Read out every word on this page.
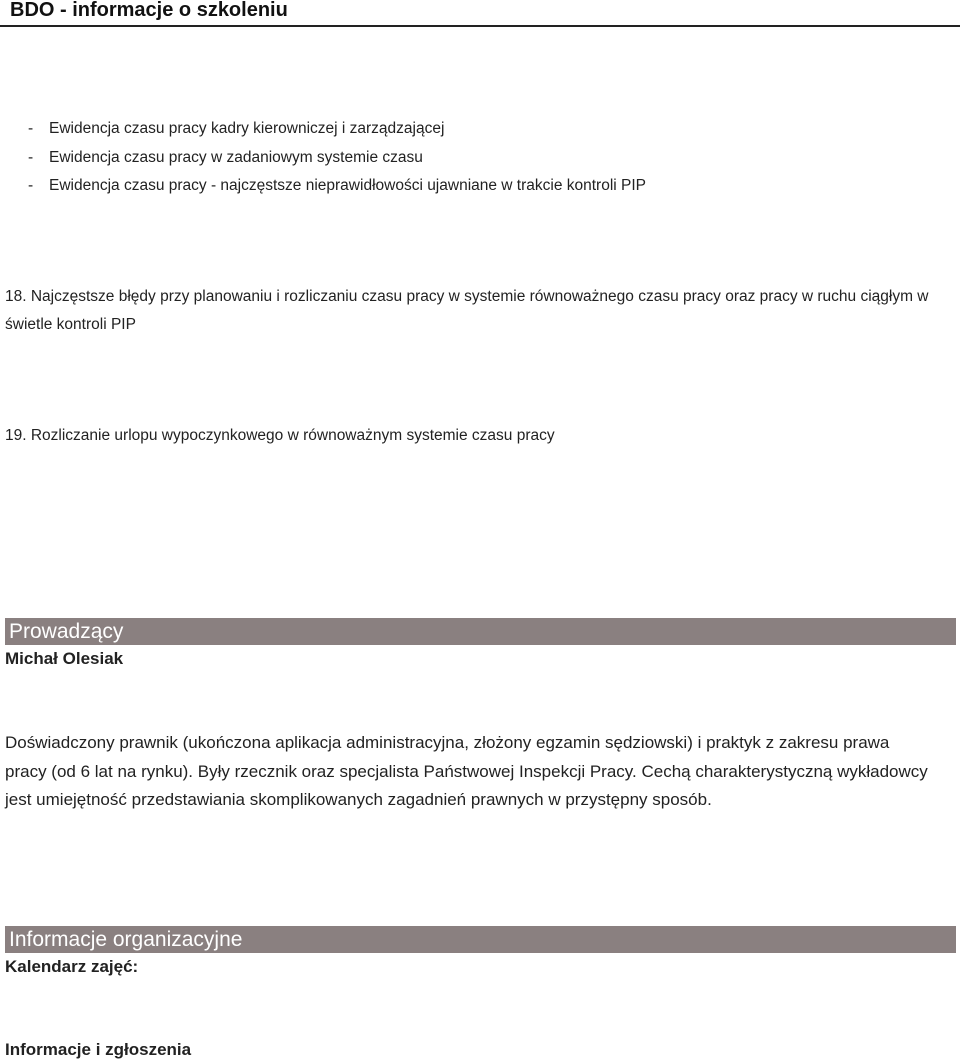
BDO - informacje o szkoleniu
- Ewidencja czasu pracy kadry kierowniczej i zarządzającej
- Ewidencja czasu pracy w zadaniowym systemie czasu
- Ewidencja czasu pracy - najczęstsze nieprawidłowości ujawniane w trakcie kontroli PIP
18. Najczęstsze błędy przy planowaniu i rozliczaniu czasu pracy w systemie równoważnego czasu pracy oraz pracy w ruchu ciągłym w świetle kontroli PIP
19. Rozliczanie urlopu wypoczynkowego w równoważnym systemie czasu pracy
Prowadzący
Michał Olesiak
Doświadczony prawnik (ukończona aplikacja administracyjna, złożony egzamin sędziowski) i praktyk z zakresu prawa pracy (od 6 lat na rynku). Były rzecznik oraz specjalista Państwowej Inspekcji Pracy. Cechą charakterystyczną wykładowcy jest umiejętność przedstawiania skomplikowanych zagadnień prawnych w przystępny sposób.
Informacje organizacyjne
Kalendarz zajęć:
Informacje i zgłoszenia
